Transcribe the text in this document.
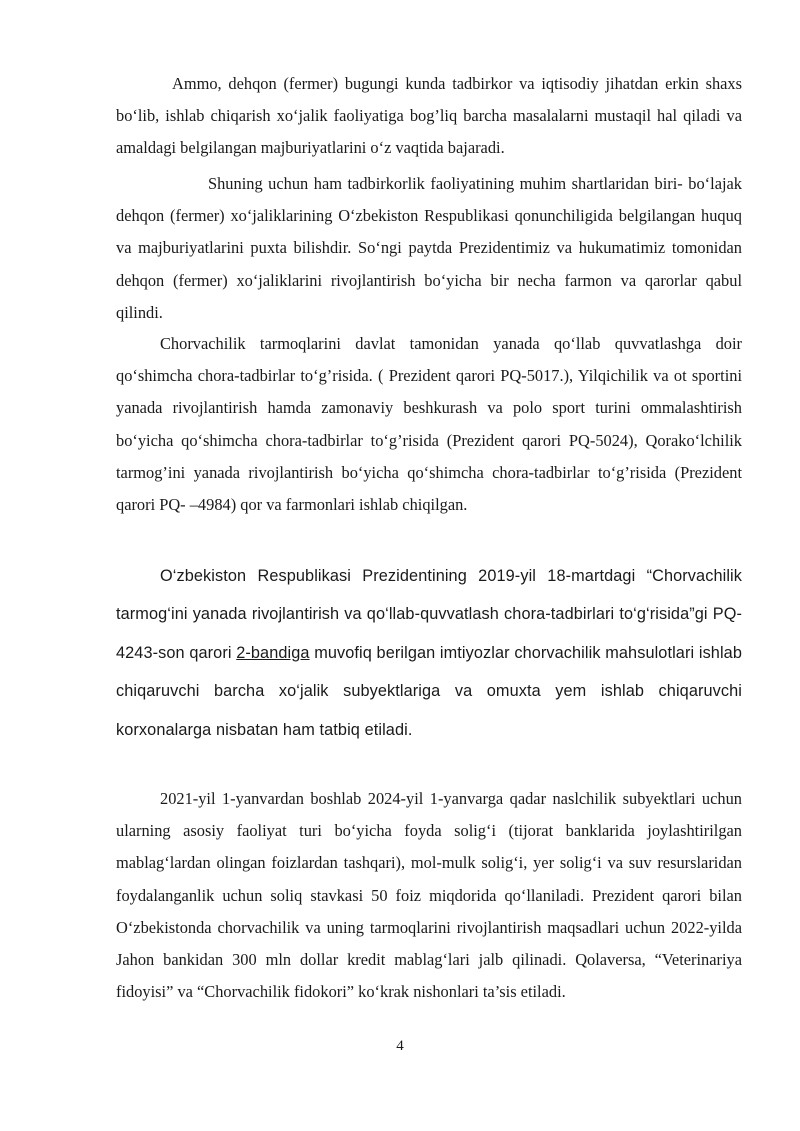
Ammo, dehqon (fermer) bugungi kunda tadbirkor va iqtisodiy jihatdan erkin shaxs bo‘lib, ishlab chiqarish xo‘jalik faoliyatiga bog’liq barcha masalalarni mustaqil hal qiladi va amaldagi belgilangan majburiyatlarini o‘z vaqtida bajaradi.

Shuning uchun ham tadbirkorlik faoliyatining muhim shartlaridan biri- bo‘lajak dehqon (fermer) xo‘jaliklarining O‘zbekiston Respublikasi qonunchiligida belgilangan huquq va majburiyatlarini puxta bilishdir. So‘ngi paytda Prezidentimiz va hukumatimiz tomonidan dehqon (fermer) xo‘jaliklarini rivojlantirish bo‘yicha bir necha farmon va qarorlar qabul qilindi.

Chorvachilik tarmoqlarini davlat tamonidan yanada qo‘llab quvvatlashga doir qo‘shimcha chora-tadbirlar to‘g’risida. ( Prezident qarori PQ-5017.), Yilqichilik va ot sportini yanada rivojlantirish hamda zamonaviy beshkurash va polo sport turini ommalashtirish bo‘yicha qo‘shimcha chora-tadbirlar to‘g’risida (Prezident qarori PQ-5024), Qorako‘lchilik tarmog’ini yanada rivojlantirish bo‘yicha qo‘shimcha chora-tadbirlar to‘g’risida (Prezident qarori PQ- –4984) qor va farmonlari ishlab chiqilgan.

O‘zbekiston Respublikasi Prezidentining 2019-yil 18-martdagi “Chorvachilik tarmog‘ini yanada rivojlantirish va qo‘llab-quvvatlash chora-tadbirlari to‘g‘risida”gi PQ-4243-son qarori 2-bandiga muvofiq berilgan imtiyozlar chorvachilik mahsulotlari ishlab chiqaruvchi barcha xo‘jalik subyektlariga va omuxta yem ishlab chiqaruvchi korxonalarga nisbatan ham tatbiq etiladi.

2021-yil 1-yanvardan boshlab 2024-yil 1-yanvarga qadar naslchilik subyektlari uchun ularning asosiy faoliyat turi bo‘yicha foyda solig‘i (tijorat banklarida joylashtirilgan mablag‘lardan olingan foizlardan tashqari), mol-mulk solig‘i, yer solig‘i va suv resurslaridan foydalanganlik uchun soliq stavkasi 50 foiz miqdorida qo‘llaniladi. Prezident qarori bilan O‘zbekistonda chorvachilik va uning tarmoqlarini rivojlantirish maqsadlari uchun 2022-yilda Jahon bankidan 300 mln dollar kredit mablag‘lari jalb qilinadi. Qolaversa, “Veterinariya fidoyisi” va “Chorvachilik fidokori” ko‘krak nishonlari ta’sis etiladi.

4
